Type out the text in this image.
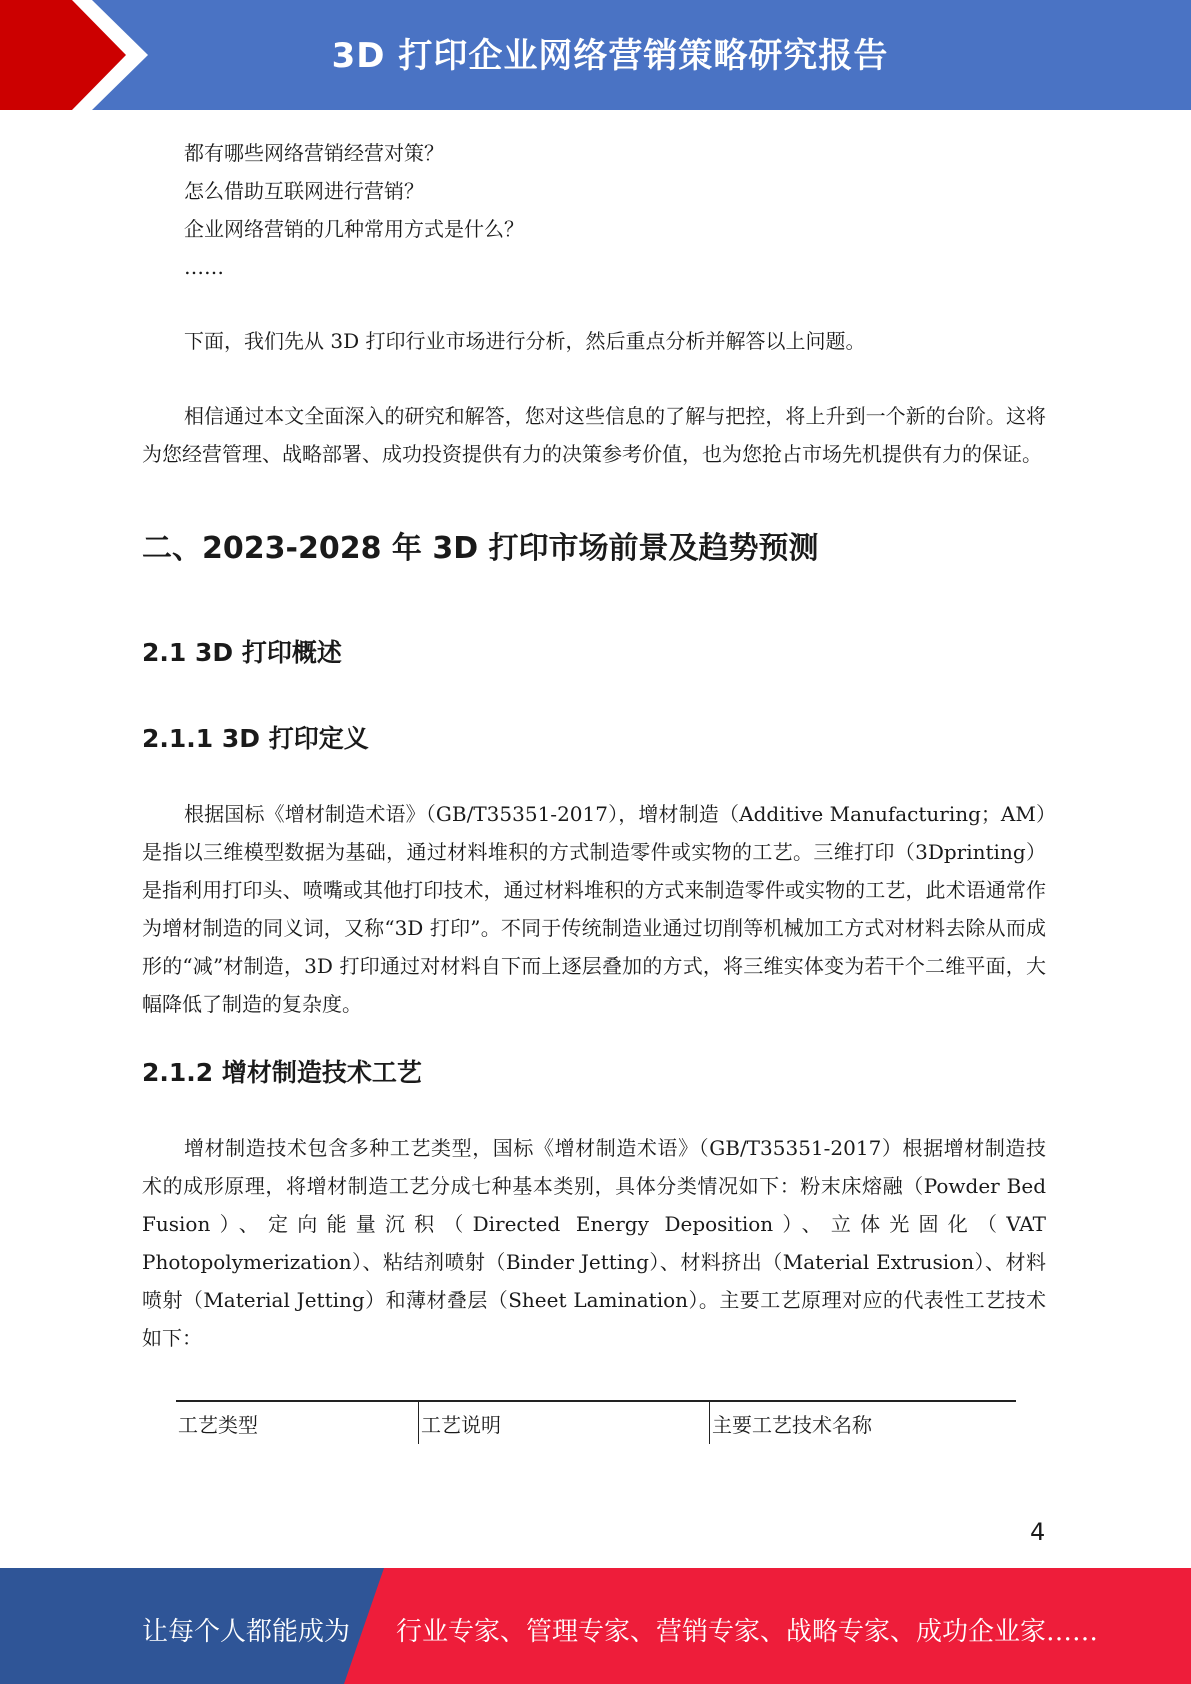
3D 打印企业网络营销策略研究报告

都有哪些网络营销经营对策？

怎么借助互联网进行营销？

企业网络营销的几种常用方式是什么？

……

下面，我们先从 3D 打印行业市场进行分析，然后重点分析并解答以上问题。

相信通过本文全面深入的研究和解答，您对这些信息的了解与把控，将上升到一个新的台阶。这将为您经营管理、战略部署、成功投资提供有力的决策参考价值，也为您抢占市场先机提供有力的保证。

二、2023-2028 年 3D 打印市场前景及趋势预测
2.1 3D 打印概述
2.1.1 3D 打印定义

根据国标《增材制造术语》（GB/T35351-2017），增材制造（Additive Manufacturing；AM）是指以三维模型数据为基础，通过材料堆积的方式制造零件或实物的工艺。三维打印（3Dprinting）是指利用打印头、喷嘴或其他打印技术，通过材料堆积的方式来制造零件或实物的工艺，此术语通常作为增材制造的同义词，又称“3D 打印”。不同于传统制造业通过切削等机械加工方式对材料去除从而成形的“减”材制造，3D 打印通过对材料自下而上逐层叠加的方式，将三维实体变为若干个二维平面，大幅降低了制造的复杂度。

2.1.2 增材制造技术工艺

增材制造技术包含多种工艺类型，国标《增材制造术语》（GB/T35351-2017）根据增材制造技术的成形原理，将增材制造工艺分成七种基本类别，具体分类情况如下：粉末床熔融（Powder Bed Fusion）、定向能量沉积（Directed Energy Deposition）、立体光固化（VAT Photopolymerization）、粘结剂喷射（Binder Jetting）、材料挤出（Material Extrusion）、材料喷射（Material Jetting）和薄材叠层（Sheet Lamination）。主要工艺原理对应的代表性工艺技术如下：

工艺类型	工艺说明	主要工艺技术名称
4
让每个人都能成为 行业专家、管理专家、营销专家、战略专家、成功企业家……
